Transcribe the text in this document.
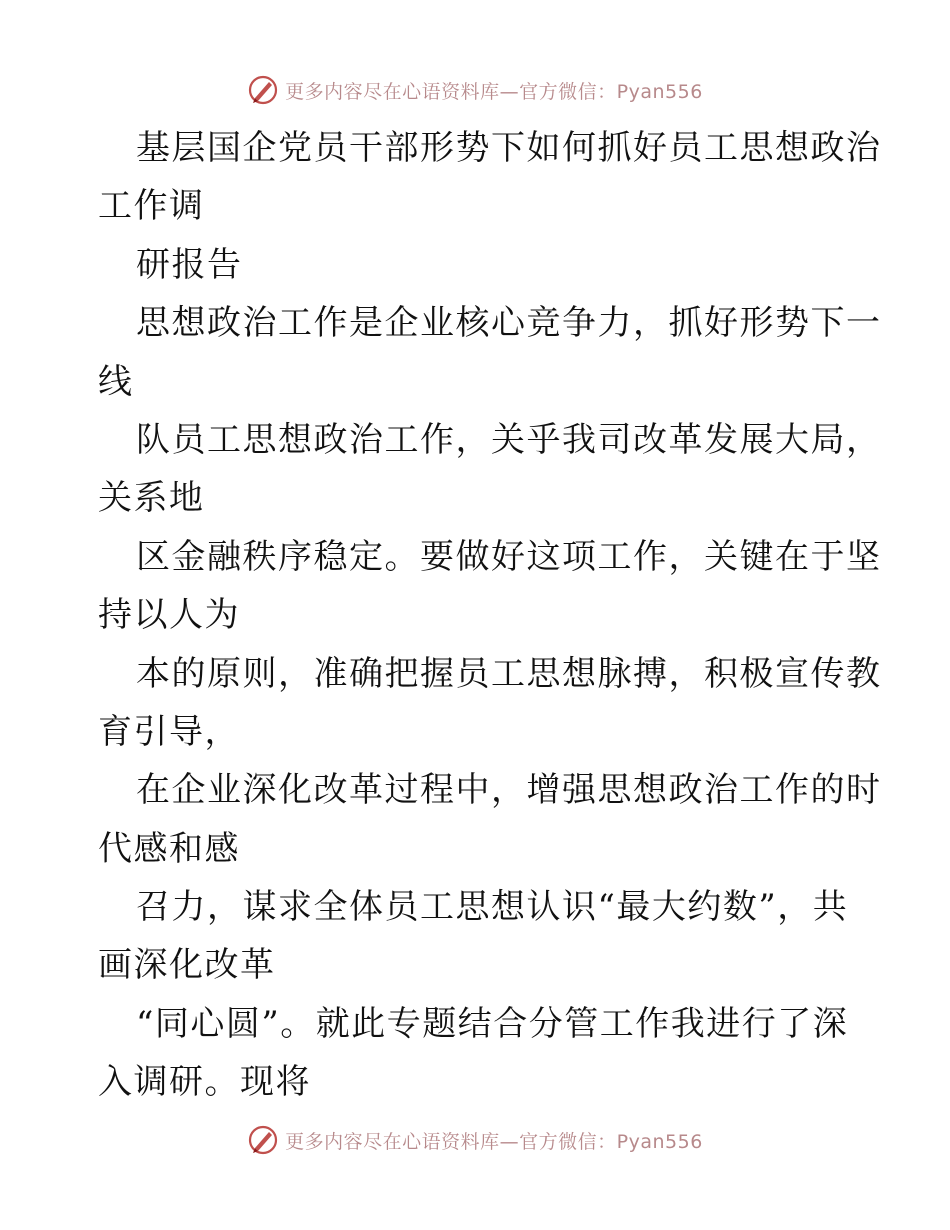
更多内容尽在心语资料库—官方微信：Pyan556
基层国企党员干部形势下如何抓好员工思想政治
工作调
研报告
思想政治工作是企业核心竞争力，抓好形势下一
线
队员工思想政治工作，关乎我司改革发展大局，
关系地
区金融秩序稳定。要做好这项工作，关键在于坚
持以人为
本的原则，准确把握员工思想脉搏，积极宣传教
育引导，
在企业深化改革过程中，增强思想政治工作的时
代感和感
召力，谋求全体员工思想认识“最大约数”，共
画深化改革
“同心圆”。就此专题结合分管工作我进行了深
入调研。现将
更多内容尽在心语资料库—官方微信：Pyan556
